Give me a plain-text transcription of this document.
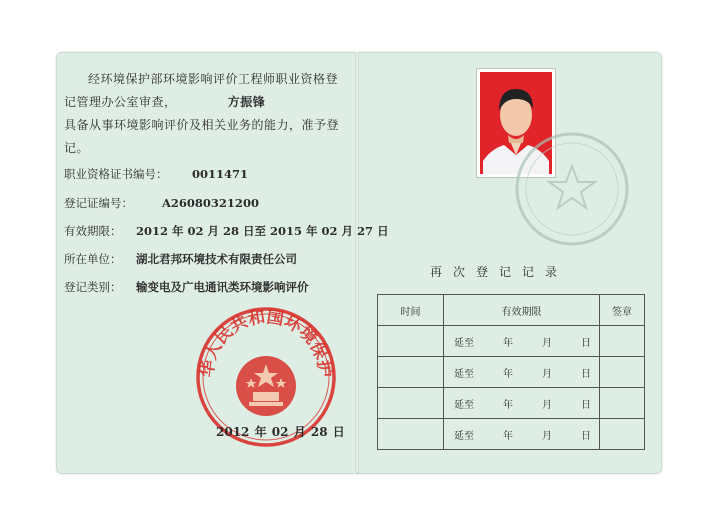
经环境保护部环境影响评价工程师职业资格登记管理办公室审查，	方振锋
具备从事环境影响评价及相关业务的能力，准予登记。
职业资格证书编号：	0011471
登记证编号：	A26080321200
有效期限：	2012 年 02 月 28 日至 2015 年 02 月 27 日
所在单位：	湖北君邦环境技术有限责任公司
登记类别：	输变电及广电通讯类环境影响评价
华人民共和国环境保护
2012 年 02 月 28 日
再次登记记录
时间	有效期限	签章

	延至 年 月 日	

	延至 年 月 日	

	延至 年 月 日	

	延至 年 月 日	
